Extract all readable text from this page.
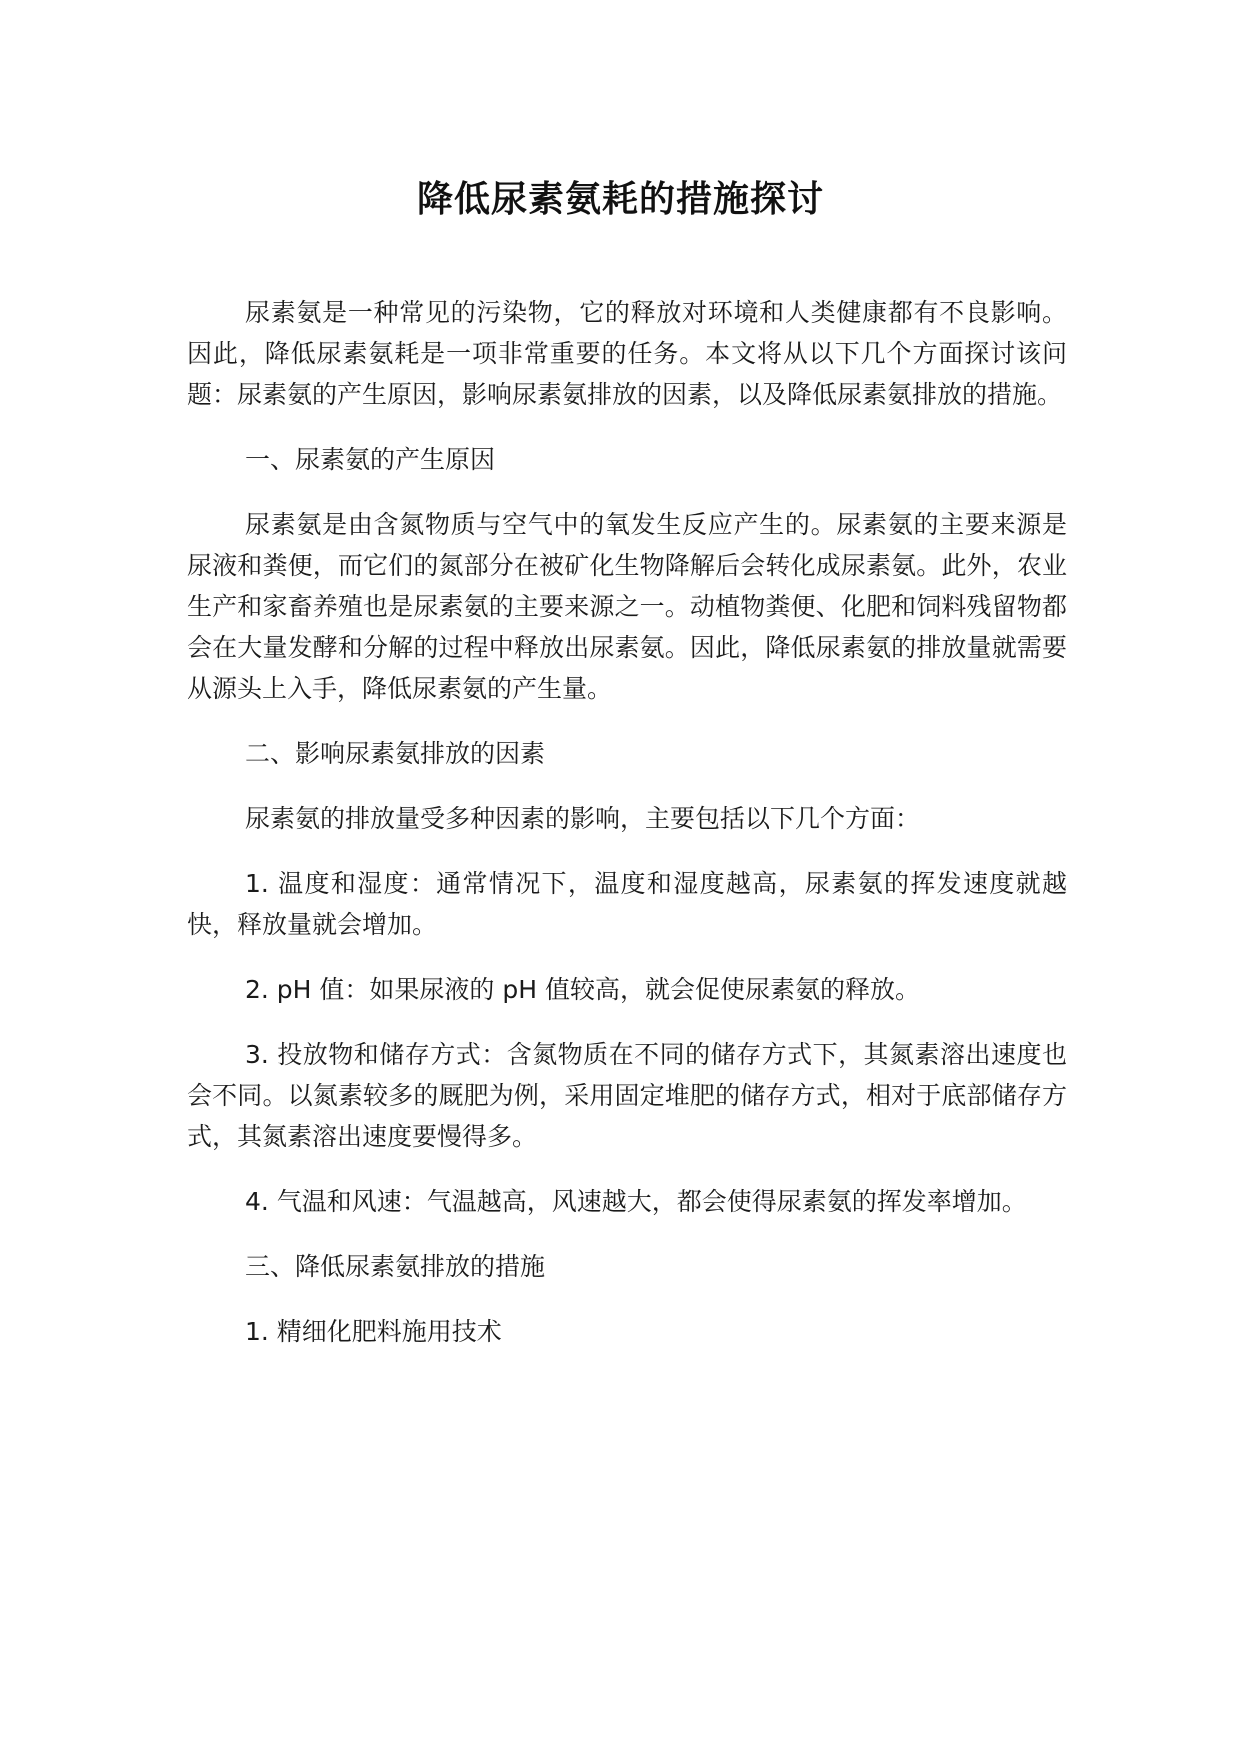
降低尿素氨耗的措施探讨

尿素氨是一种常见的污染物，它的释放对环境和人类健康都有不良影响。因此，降低尿素氨耗是一项非常重要的任务。本文将从以下几个方面探讨该问题：尿素氨的产生原因，影响尿素氨排放的因素，以及降低尿素氨排放的措施。

一、尿素氨的产生原因

尿素氨是由含氮物质与空气中的氧发生反应产生的。尿素氨的主要来源是尿液和粪便，而它们的氮部分在被矿化生物降解后会转化成尿素氨。此外，农业生产和家畜养殖也是尿素氨的主要来源之一。动植物粪便、化肥和饲料残留物都会在大量发酵和分解的过程中释放出尿素氨。因此，降低尿素氨的排放量就需要从源头上入手，降低尿素氨的产生量。

二、影响尿素氨排放的因素

尿素氨的排放量受多种因素的影响，主要包括以下几个方面：

1. 温度和湿度：通常情况下，温度和湿度越高，尿素氨的挥发速度就越快，释放量就会增加。

2. pH 值：如果尿液的 pH 值较高，就会促使尿素氨的释放。

3. 投放物和储存方式：含氮物质在不同的储存方式下，其氮素溶出速度也会不同。以氮素较多的厩肥为例，采用固定堆肥的储存方式，相对于底部储存方式，其氮素溶出速度要慢得多。

4. 气温和风速：气温越高，风速越大，都会使得尿素氨的挥发率增加。

三、降低尿素氨排放的措施

1. 精细化肥料施用技术
